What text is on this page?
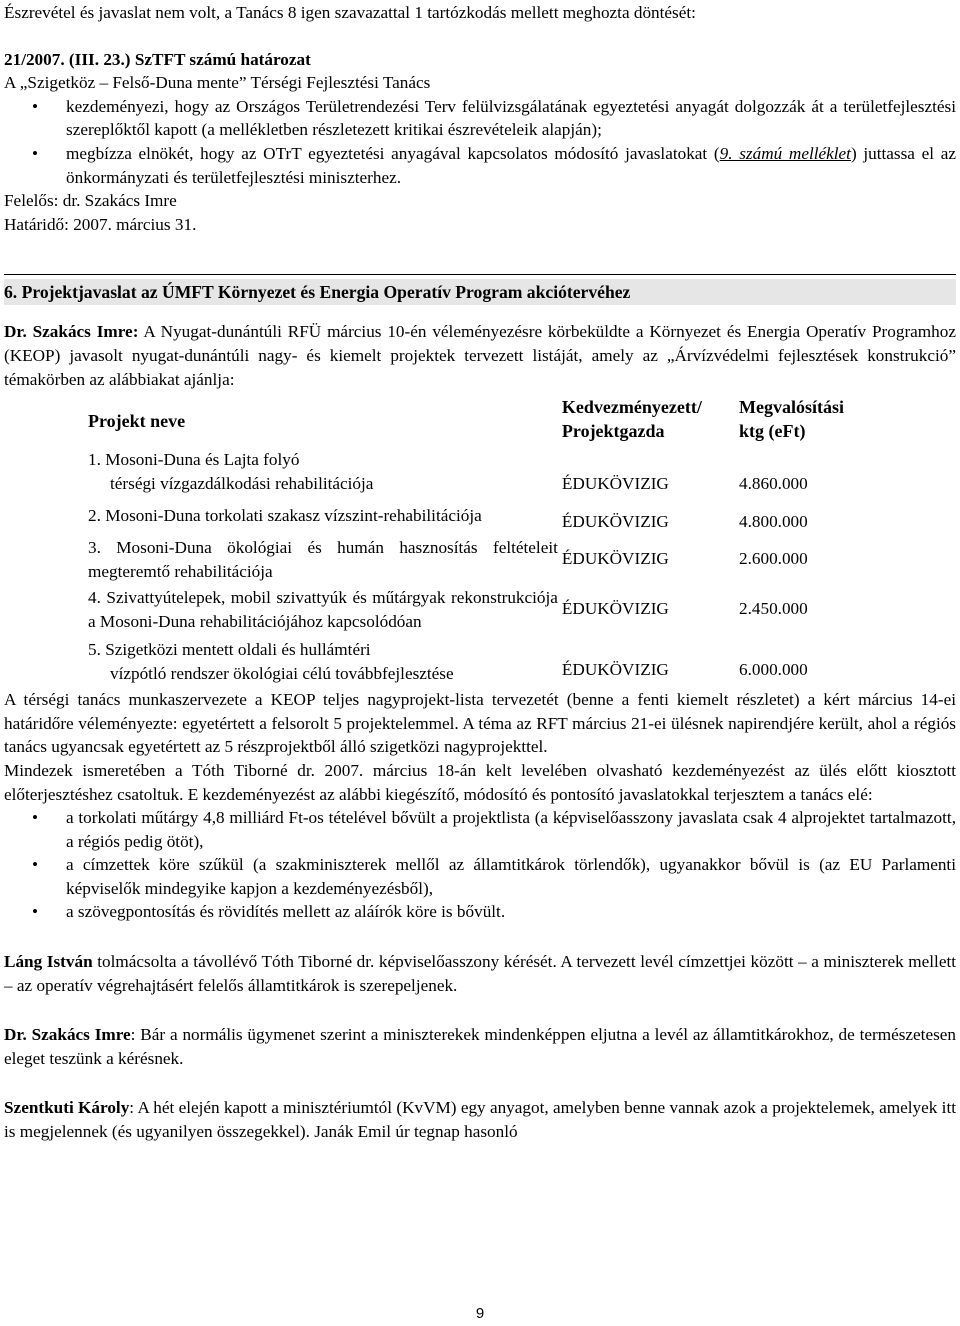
Észrevétel és javaslat nem volt, a Tanács 8 igen szavazattal 1 tartózkodás mellett meghozta döntését:

21/2007. (III. 23.) SzTFT számú határozat

A „Szigetköz – Felső-Duna mente” Térségi Fejlesztési Tanács

• kezdeményezi, hogy az Országos Területrendezési Terv felülvizsgálatának egyeztetési anyagát dolgozzák át a területfejlesztési szereplőktől kapott (a mellékletben részletezett kritikai észrevételeik alapján);
• megbízza elnökét, hogy az OTrT egyeztetési anyagával kapcsolatos módosító javaslatokat (9. számú melléklet) juttassa el az önkormányzati és területfejlesztési miniszterhez.

Felelős: dr. Szakács Imre

Határidő: 2007. március 31.

6. Projektjavaslat az ÚMFT Környezet és Energia Operatív Program akciótervéhez

Dr. Szakács Imre: A Nyugat-dunántúli RFÜ március 10-én véleményezésre körbeküldte a Környezet és Energia Operatív Programhoz (KEOP) javasolt nyugat-dunántúli nagy- és kiemelt projektek tervezett listáját, amely az „Árvízvédelmi fejlesztések konstrukció” témakörben az alábbiakat ajánlja:

Projekt neve	Kedvezményezett/ Projektgazda	Megvalósítási ktg (eFt)

1. Mosoni-Duna és Lajta folyó
térségi vízgazdálkodási rehabilitációja	ÉDUKÖVIZIG	4.860.000
2. Mosoni-Duna torkolati szakasz vízszint-rehabilitációja	ÉDUKÖVIZIG	4.800.000
3. Mosoni-Duna ökológiai és humán hasznosítás feltételeit megteremtő rehabilitációja	ÉDUKÖVIZIG	2.600.000
4. Szivattyútelepek, mobil szivattyúk és műtárgyak rekonstrukciója a Mosoni-Duna rehabilitációjához kapcsolódóan	ÉDUKÖVIZIG	2.450.000

5. Szigetközi mentett oldali és hullámtéri
vízpótló rendszer ökológiai célú továbbfejlesztése	ÉDUKÖVIZIG	6.000.000

A térségi tanács munkaszervezete a KEOP teljes nagyprojekt-lista tervezetét (benne a fenti kiemelt részletet) a kért március 14-ei határidőre véleményezte: egyetértett a felsorolt 5 projektelemmel. A téma az RFT március 21-ei ülésnek napirendjére került, ahol a régiós tanács ugyancsak egyetértett az 5 részprojektből álló szigetközi nagyprojekttel.

Mindezek ismeretében a Tóth Tiborné dr. 2007. március 18-án kelt levelében olvasható kezdeményezést az ülés előtt kiosztott előterjesztéshez csatoltuk. E kezdeményezést az alábbi kiegészítő, módosító és pontosító javaslatokkal terjesztem a tanács elé:

• a torkolati műtárgy 4,8 milliárd Ft-os tételével bővült a projektlista (a képviselőasszony javaslata csak 4 alprojektet tartalmazott, a régiós pedig ötöt),
• a címzettek köre szűkül (a szakminiszterek mellől az államtitkárok törlendők), ugyanakkor bővül is (az EU Parlamenti képviselők mindegyike kapjon a kezdeményezésből),
• a szövegpontosítás és rövidítés mellett az aláírók köre is bővült.

Láng István tolmácsolta a távollévő Tóth Tiborné dr. képviselőasszony kérését. A tervezett levél címzettjei között – a miniszterek mellett – az operatív végrehajtásért felelős államtitkárok is szerepeljenek.

Dr. Szakács Imre: Bár a normális ügymenet szerint a miniszterekek mindenképpen eljutna a levél az államtitkárokhoz, de természetesen eleget teszünk a kérésnek.

Szentkuti Károly: A hét elején kapott a minisztériumtól (KvVM) egy anyagot, amelyben benne vannak azok a projektelemek, amelyek itt is megjelennek (és ugyanilyen összegekkel). Janák Emil úr tegnap hasonló

9
